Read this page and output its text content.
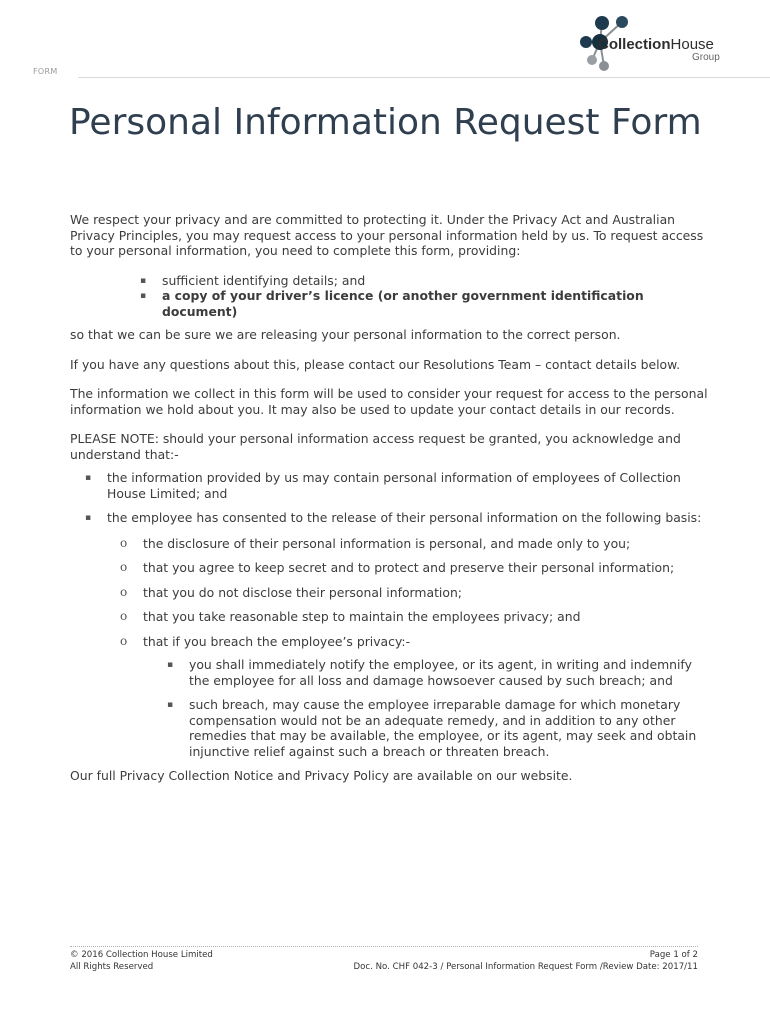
FORM
CollectionHouse
Group
Personal Information Request Form

We respect your privacy and are committed to protecting it. Under the Privacy Act and Australian Privacy Principles, you may request access to your personal information held by us. To request access to your personal information, you need to complete this form, providing:

▪ sufficient identifying details; and
▪ a copy of your driver’s licence (or another government identification document)

so that we can be sure we are releasing your personal information to the correct person.

If you have any questions about this, please contact our Resolutions Team – contact details below.

The information we collect in this form will be used to consider your request for access to the personal information we hold about you. It may also be used to update your contact details in our records.

PLEASE NOTE: should your personal information access request be granted, you acknowledge and understand that:-

▪ the information provided by us may contain personal information of employees of Collection House Limited; and
▪ the employee has consented to the release of their personal information on the following basis:
o the disclosure of their personal information is personal, and made only to you;
o that you agree to keep secret and to protect and preserve their personal information;
o that you do not disclose their personal information;
o that you take reasonable step to maintain the employees privacy; and
o that if you breach the employee’s privacy:-
▪ you shall immediately notify the employee, or its agent, in writing and indemnify the employee for all loss and damage howsoever caused by such breach; and
▪ such breach, may cause the employee irreparable damage for which monetary compensation would not be an adequate remedy, and in addition to any other remedies that may be available, the employee, or its agent, may seek and obtain injunctive relief against such a breach or threaten breach.

Our full Privacy Collection Notice and Privacy Policy are available on our website.

© 2016 Collection House Limited
All Rights Reserved
Page 1 of 2
Doc. No. CHF 042-3 / Personal Information Request Form /Review Date: 2017/11
